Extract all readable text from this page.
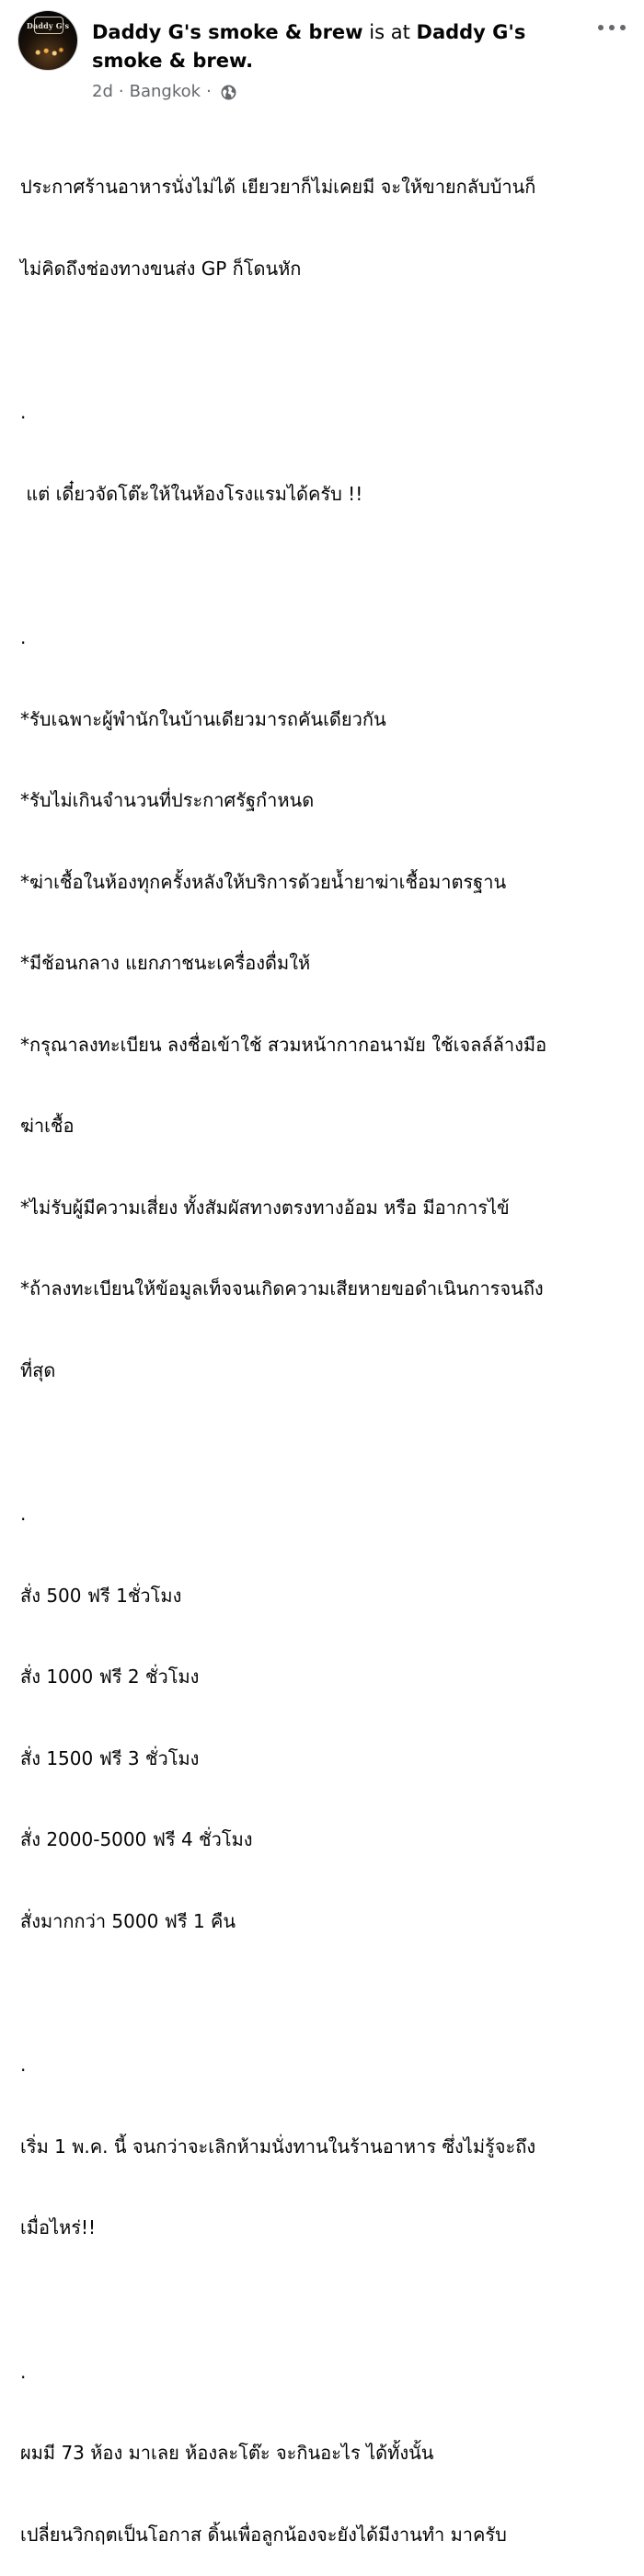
Daddy G's	Daddy G's smoke & brew is at Daddy G's smoke & brew.
2d · Bangkok ·

ประกาศร้านอาหารนั่งไม่ได้ เยียวยาก็ไม่เคยมี จะให้ขายกลับบ้านก็

ไม่คิดถึงช่องทางขนส่ง GP ก็โดนหัก

.

แต่ เดี๋ยวจัดโต๊ะให้ในห้องโรงแรมได้ครับ !!

.

*รับเฉพาะผู้พำนักในบ้านเดียวมารถคันเดียวกัน

*รับไม่เกินจำนวนที่ประกาศรัฐกำหนด

*ฆ่าเชื้อในห้องทุกครั้งหลังให้บริการด้วยน้ำยาฆ่าเชื้อมาตรฐาน

*มีช้อนกลาง แยกภาชนะเครื่องดื่มให้

*กรุณาลงทะเบียน ลงชื่อเข้าใช้ สวมหน้ากากอนามัย ใช้เจลล์ล้างมือ

ฆ่าเชื้อ

*ไม่รับผู้มีความเสี่ยง ทั้งสัมผัสทางตรงทางอ้อม หรือ มีอาการไข้

*ถ้าลงทะเบียนให้ข้อมูลเท็จจนเกิดความเสียหายขอดำเนินการจนถึง

ที่สุด

.

สั่ง 500 ฟรี 1ชั่วโมง

สั่ง 1000 ฟรี 2 ชั่วโมง

สั่ง 1500 ฟรี 3 ชั่วโมง

สั่ง 2000-5000 ฟรี 4 ชั่วโมง

สั่งมากกว่า 5000 ฟรี 1 คืน

.

เริ่ม 1 พ.ค. นี้ จนกว่าจะเลิกห้ามนั่งทานในร้านอาหาร ซึ่งไม่รู้จะถึง

เมื่อไหร่!!

.

ผมมี 73 ห้อง มาเลย ห้องละโต๊ะ จะกินอะไร ได้ทั้งนั้น

เปลี่ยนวิกฤตเป็นโอกาส ดิ้นเพื่อลูกน้องจะยังได้มีงานทำ มาครับ
